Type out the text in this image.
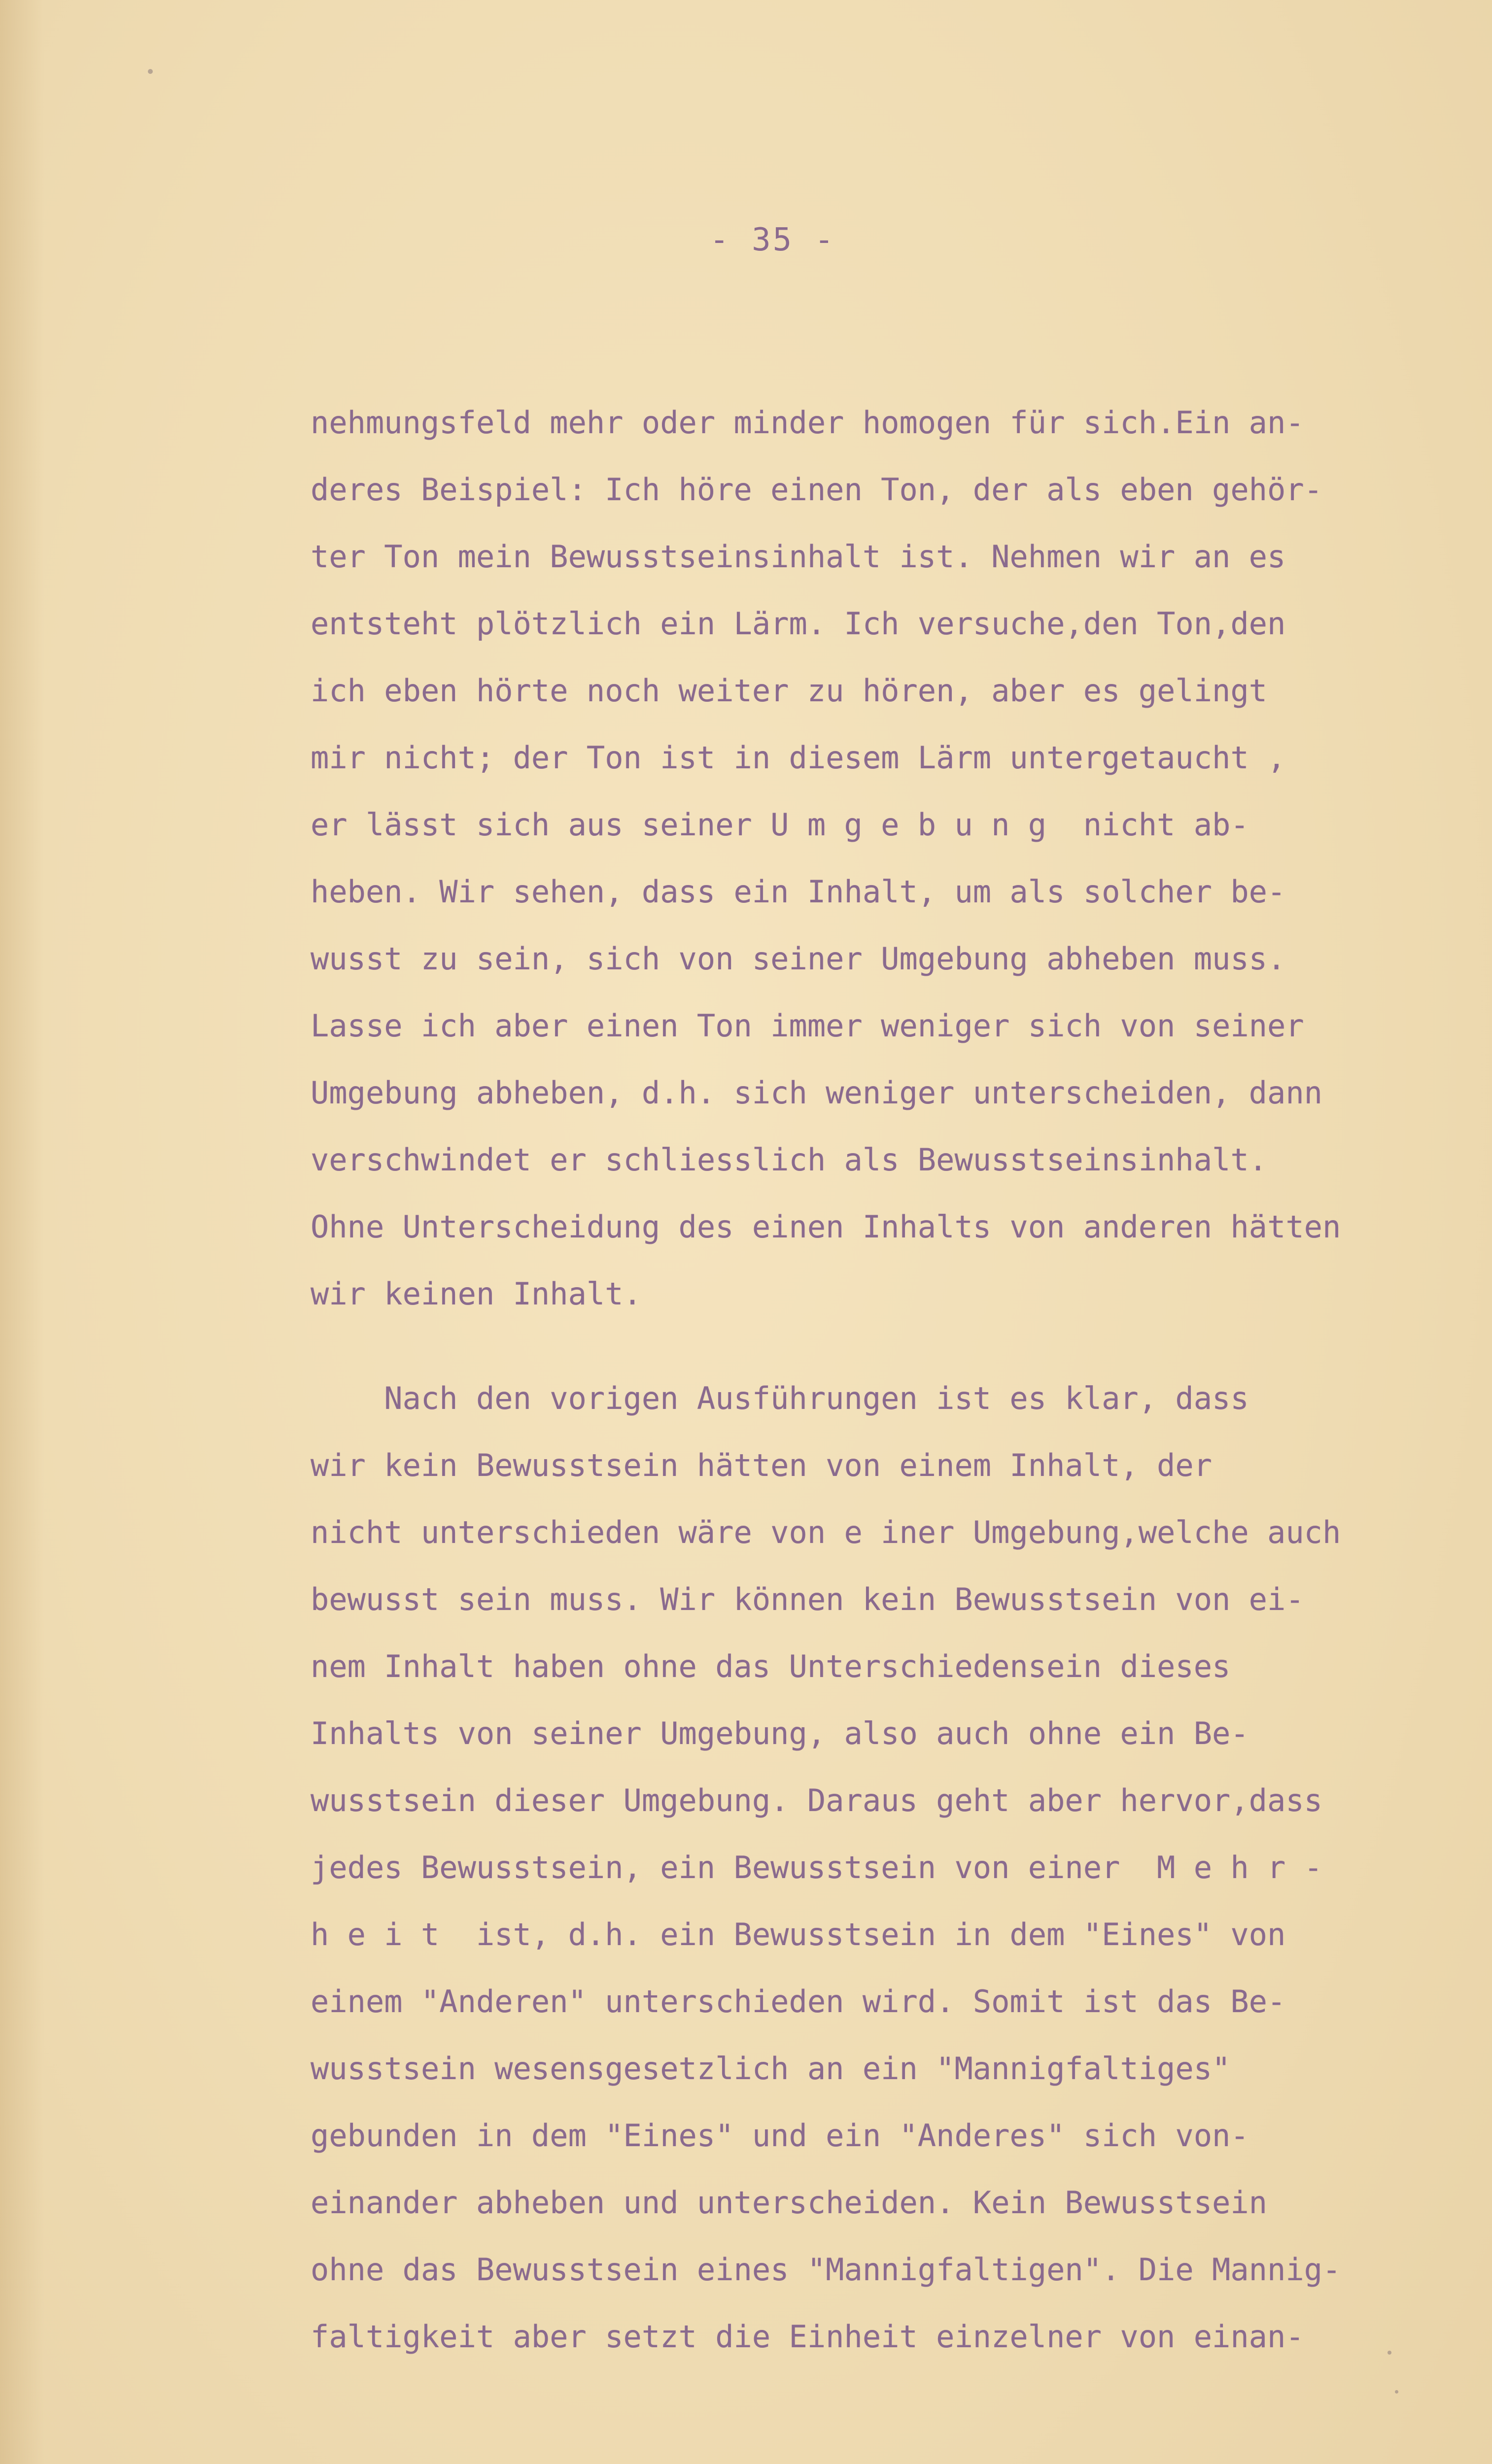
- 35 -
nehmungsfeld mehr oder minder homogen für sich.Ein an-
deres Beispiel: Ich höre einen Ton, der als eben gehör-
ter Ton mein Bewusstseinsinhalt ist. Nehmen wir an es
entsteht plötzlich ein Lärm. Ich versuche,den Ton,den
ich eben hörte noch weiter zu hören, aber es gelingt
mir nicht; der Ton ist in diesem Lärm untergetaucht ,
er lässt sich aus seiner U m g e b u n g  nicht ab-
heben. Wir sehen, dass ein Inhalt, um als solcher be-
wusst zu sein, sich von seiner Umgebung abheben muss.
Lasse ich aber einen Ton immer weniger sich von seiner
Umgebung abheben, d.h. sich weniger unterscheiden, dann
verschwindet er schliesslich als Bewusstseinsinhalt.
Ohne Unterscheidung des einen Inhalts von anderen hätten
wir keinen Inhalt.
Nach den vorigen Ausführungen ist es klar, dass
wir kein Bewusstsein hätten von einem Inhalt, der
nicht unterschieden wäre von e iner Umgebung,welche auch
bewusst sein muss. Wir können kein Bewusstsein von ei-
nem Inhalt haben ohne das Unterschiedensein dieses
Inhalts von seiner Umgebung, also auch ohne ein Be-
wusstsein dieser Umgebung. Daraus geht aber hervor,dass
jedes Bewusstsein, ein Bewusstsein von einer  M e h r -
h e i t  ist, d.h. ein Bewusstsein in dem "Eines" von
einem "Anderen" unterschieden wird. Somit ist das Be-
wusstsein wesensgesetzlich an ein "Mannigfaltiges"
gebunden in dem "Eines" und ein "Anderes" sich von-
einander abheben und unterscheiden. Kein Bewusstsein
ohne das Bewusstsein eines "Mannigfaltigen". Die Mannig-
faltigkeit aber setzt die Einheit einzelner von einan-
